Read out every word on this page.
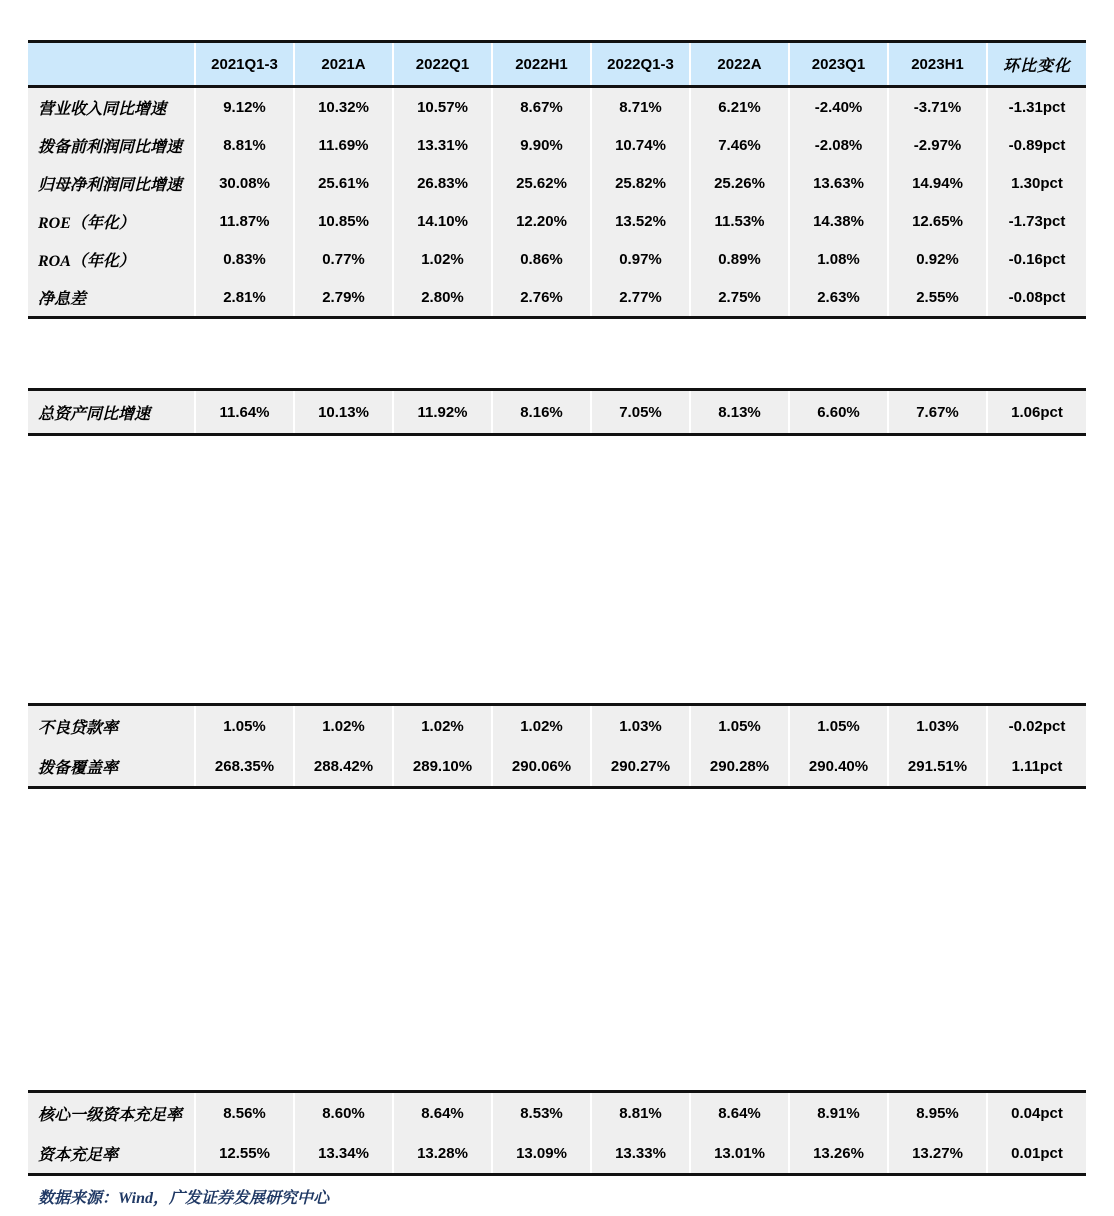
	2021Q1-3	2021A	2022Q1	2022H1	2022Q1-3	2022A	2023Q1	2023H1	环比变化
营业收入同比增速	9.12%	10.32%	10.57%	8.67%	8.71%	6.21%	-2.40%	-3.71%	-1.31pct
拨备前利润同比增速	8.81%	11.69%	13.31%	9.90%	10.74%	7.46%	-2.08%	-2.97%	-0.89pct
归母净利润同比增速	30.08%	25.61%	26.83%	25.62%	25.82%	25.26%	13.63%	14.94%	1.30pct
ROE（年化）	11.87%	10.85%	14.10%	12.20%	13.52%	11.53%	14.38%	12.65%	-1.73pct
ROA（年化）	0.83%	0.77%	1.02%	0.86%	0.97%	0.89%	1.08%	0.92%	-0.16pct
净息差	2.81%	2.79%	2.80%	2.76%	2.77%	2.75%	2.63%	2.55%	-0.08pct
总资产同比增速	11.64%	10.13%	11.92%	8.16%	7.05%	8.13%	6.60%	7.67%	1.06pct
不良贷款率	1.05%	1.02%	1.02%	1.02%	1.03%	1.05%	1.05%	1.03%	-0.02pct
拨备覆盖率	268.35%	288.42%	289.10%	290.06%	290.27%	290.28%	290.40%	291.51%	1.11pct
核心一级资本充足率	8.56%	8.60%	8.64%	8.53%	8.81%	8.64%	8.91%	8.95%	0.04pct
资本充足率	12.55%	13.34%	13.28%	13.09%	13.33%	13.01%	13.26%	13.27%	0.01pct
数据来源：Wind，广发证券发展研究中心
